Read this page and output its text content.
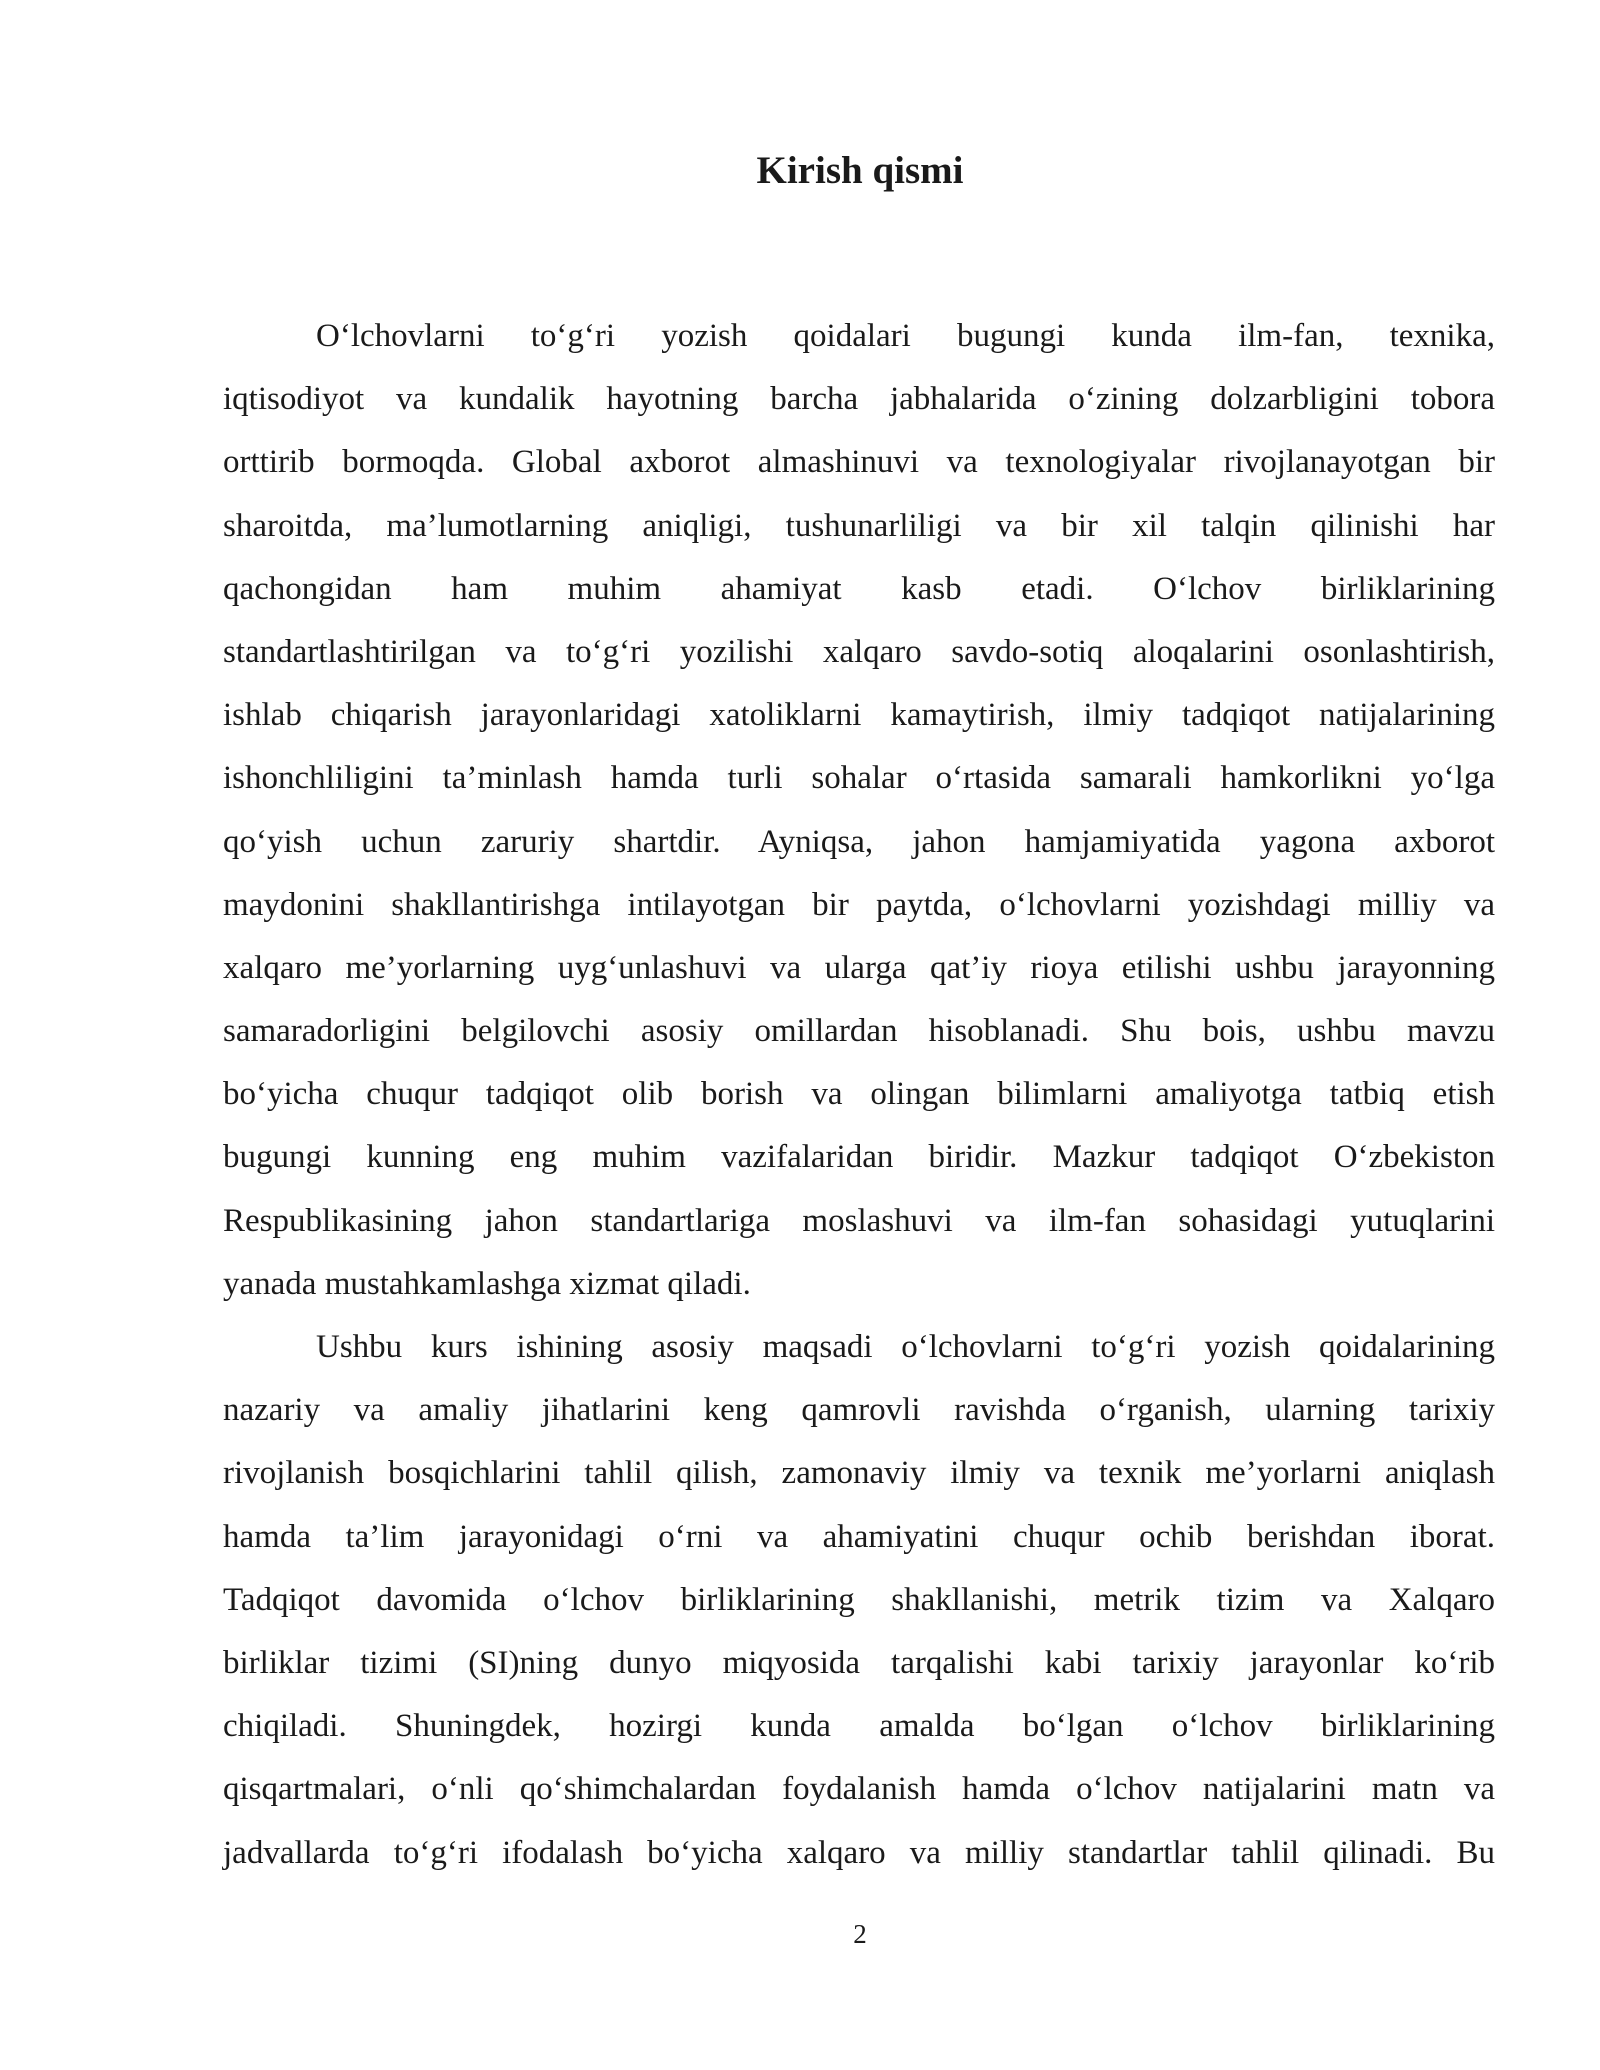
Kirish qismi
O‘lchovlarni to‘g‘ri yozish qoidalari bugungi kunda ilm-fan, texnika,
iqtisodiyot va kundalik hayotning barcha jabhalarida o‘zining dolzarbligini tobora
orttirib bormoqda. Global axborot almashinuvi va texnologiyalar rivojlanayotgan bir
sharoitda, ma’lumotlarning aniqligi, tushunarliligi va bir xil talqin qilinishi har
qachongidan ham muhim ahamiyat kasb etadi. O‘lchov birliklarining
standartlashtirilgan va to‘g‘ri yozilishi xalqaro savdo-sotiq aloqalarini osonlashtirish,
ishlab chiqarish jarayonlaridagi xatoliklarni kamaytirish, ilmiy tadqiqot natijalarining
ishonchliligini ta’minlash hamda turli sohalar o‘rtasida samarali hamkorlikni yo‘lga
qo‘yish uchun zaruriy shartdir. Ayniqsa, jahon hamjamiyatida yagona axborot
maydonini shakllantirishga intilayotgan bir paytda, o‘lchovlarni yozishdagi milliy va
xalqaro me’yorlarning uyg‘unlashuvi va ularga qat’iy rioya etilishi ushbu jarayonning
samaradorligini belgilovchi asosiy omillardan hisoblanadi. Shu bois, ushbu mavzu
bo‘yicha chuqur tadqiqot olib borish va olingan bilimlarni amaliyotga tatbiq etish
bugungi kunning eng muhim vazifalaridan biridir. Mazkur tadqiqot O‘zbekiston
Respublikasining jahon standartlariga moslashuvi va ilm-fan sohasidagi yutuqlarini
yanada mustahkamlashga xizmat qiladi.
Ushbu kurs ishining asosiy maqsadi o‘lchovlarni to‘g‘ri yozish qoidalarining
nazariy va amaliy jihatlarini keng qamrovli ravishda o‘rganish, ularning tarixiy
rivojlanish bosqichlarini tahlil qilish, zamonaviy ilmiy va texnik me’yorlarni aniqlash
hamda ta’lim jarayonidagi o‘rni va ahamiyatini chuqur ochib berishdan iborat.
Tadqiqot davomida o‘lchov birliklarining shakllanishi, metrik tizim va Xalqaro
birliklar tizimi (SI)ning dunyo miqyosida tarqalishi kabi tarixiy jarayonlar ko‘rib
chiqiladi. Shuningdek, hozirgi kunda amalda bo‘lgan o‘lchov birliklarining
qisqartmalari, o‘nli qo‘shimchalardan foydalanish hamda o‘lchov natijalarini matn va
jadvallarda to‘g‘ri ifodalash bo‘yicha xalqaro va milliy standartlar tahlil qilinadi. Bu
2
